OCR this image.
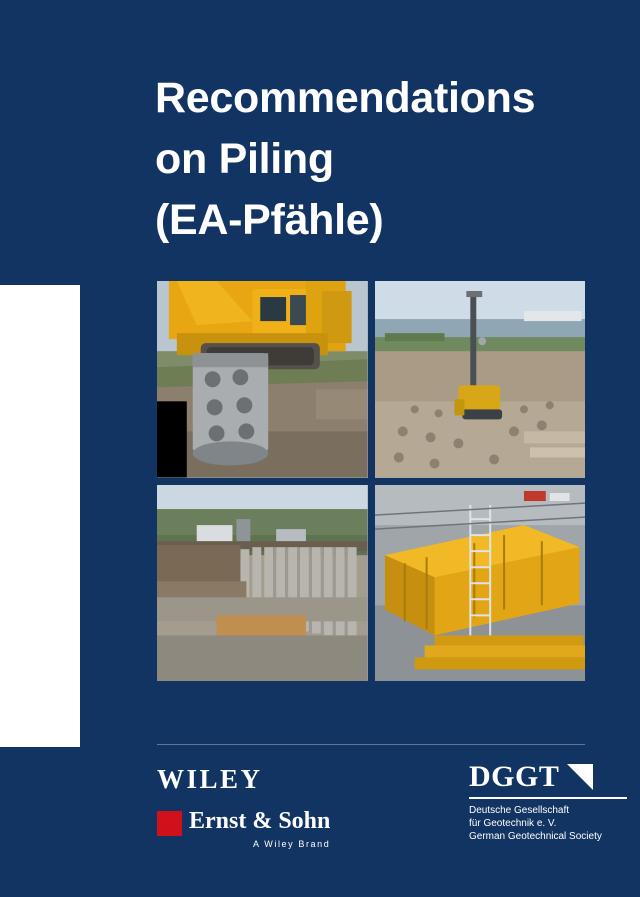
Recommendations
on Piling
(EA-Pfähle)
WILEY
Ernst & Sohn
A Wiley Brand
DGGT
Deutsche Gesellschaft
für Geotechnik e. V.
German Geotechnical Society
